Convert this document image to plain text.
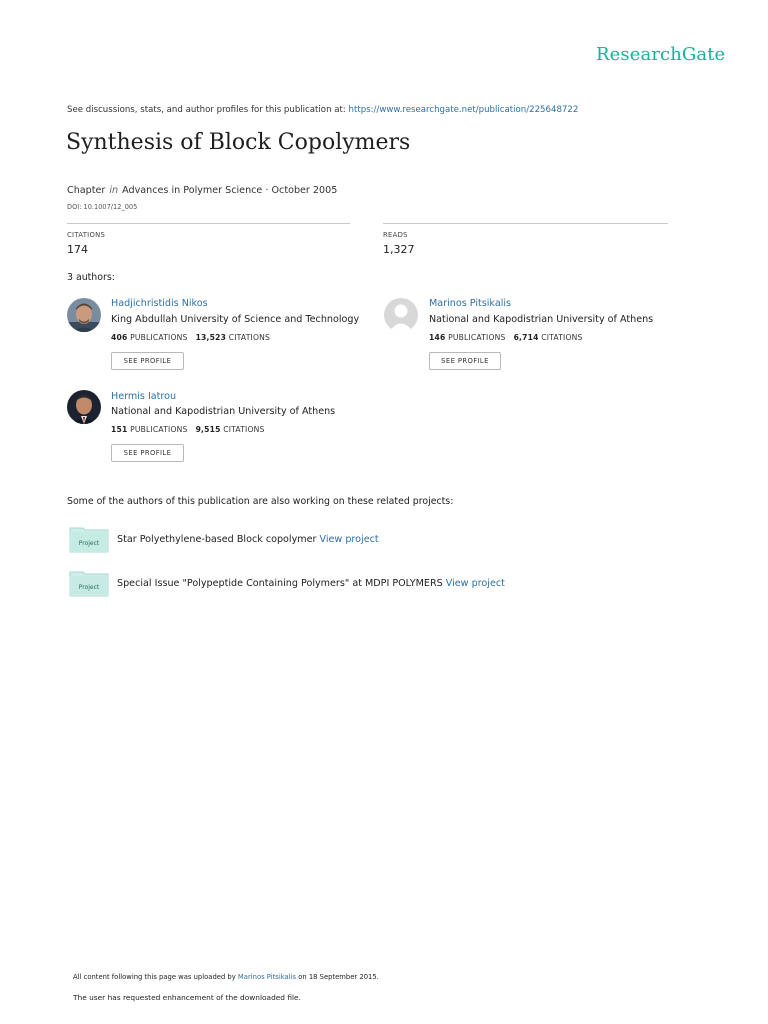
ResearchGate
See discussions, stats, and author profiles for this publication at: https://www.researchgate.net/publication/225648722
Synthesis of Block Copolymers
Chapter in Advances in Polymer Science · October 2005
DOI: 10.1007/12_005
CITATIONS
174
READS
1,327
3 authors:
Hadjichristidis Nikos
King Abdullah University of Science and Technology
406 PUBLICATIONS 13,523 CITATIONS
SEE PROFILE
Marinos Pitsikalis
National and Kapodistrian University of Athens
146 PUBLICATIONS 6,714 CITATIONS
SEE PROFILE
Hermis Iatrou
National and Kapodistrian University of Athens
151 PUBLICATIONS 9,515 CITATIONS
SEE PROFILE
Some of the authors of this publication are also working on these related projects:
Project Star Polyethylene-based Block copolymer View project
Project Special Issue "Polypeptide Containing Polymers" at MDPI POLYMERS View project
All content following this page was uploaded by Marinos Pitsikalis on 18 September 2015.
The user has requested enhancement of the downloaded file.
